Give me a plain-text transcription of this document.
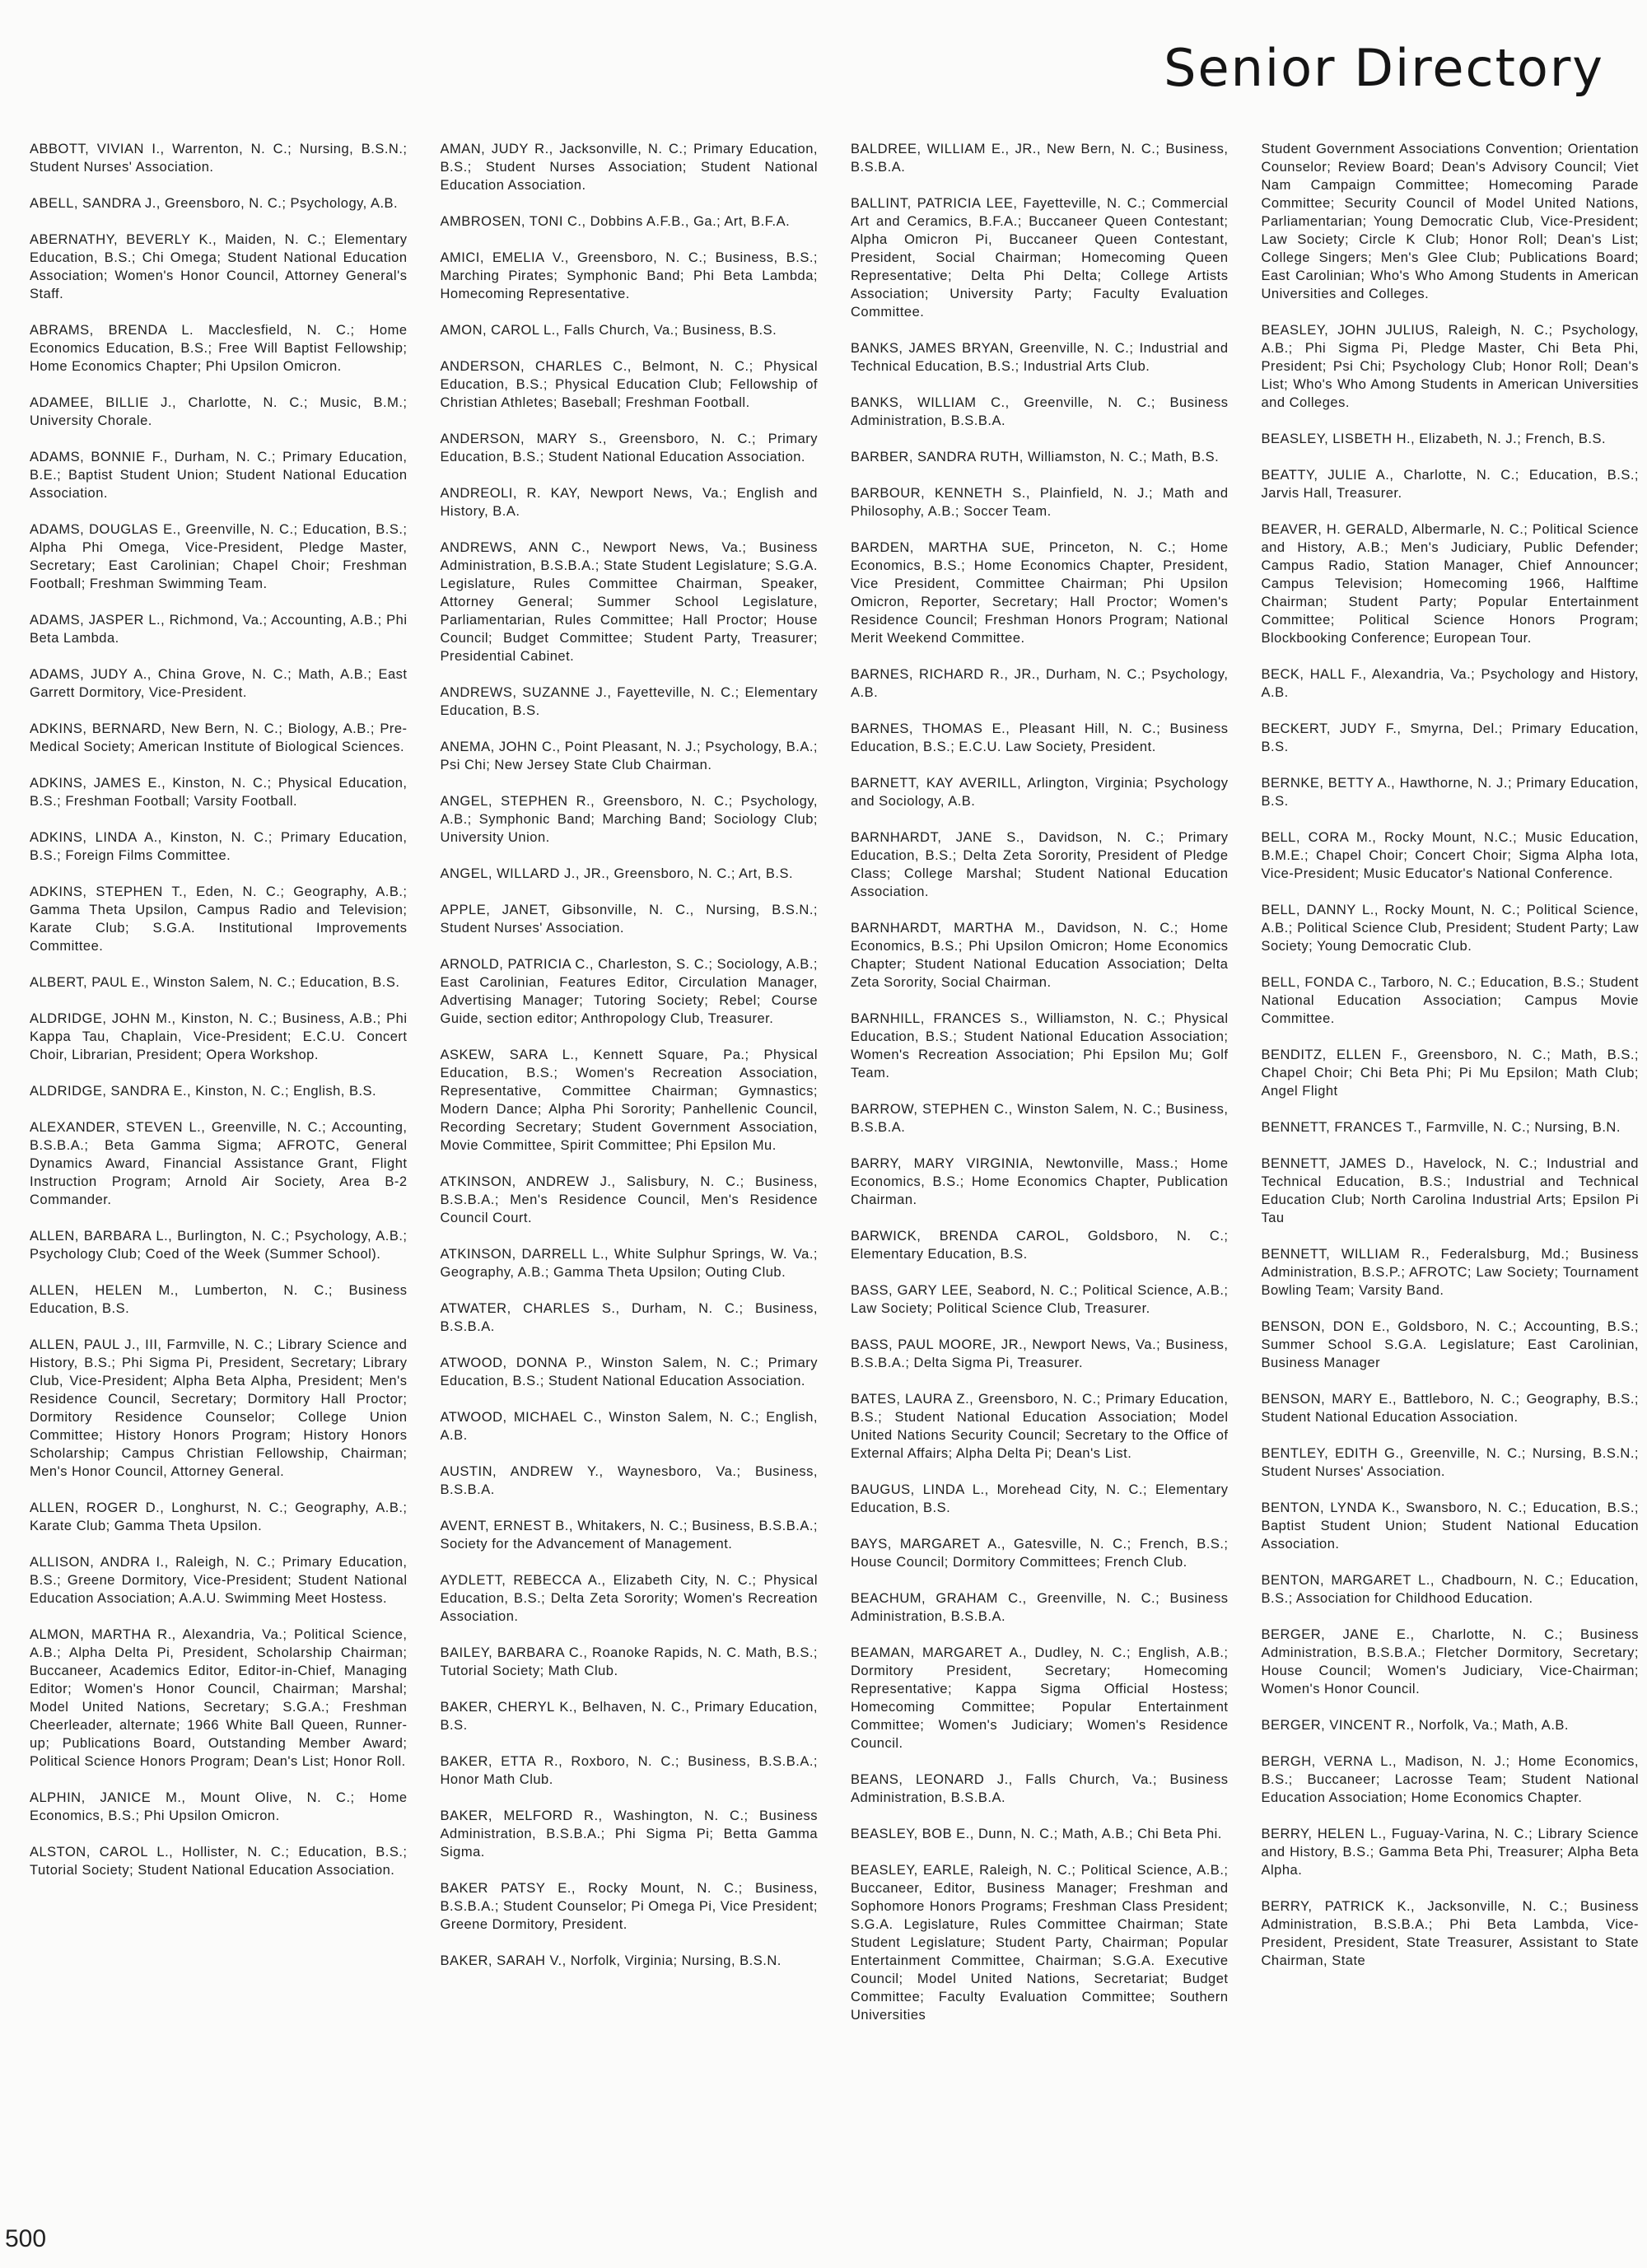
Senior Directory

ABBOTT, VIVIAN I., Warrenton, N. C.; Nursing, B.S.N.; Student Nurses' Association.

ABELL, SANDRA J., Greensboro, N. C.; Psychology, A.B.

ABERNATHY, BEVERLY K., Maiden, N. C.; Elementary Education, B.S.; Chi Omega; Student National Education Association; Women's Honor Council, Attorney General's Staff.

ABRAMS, BRENDA L. Macclesfield, N. C.; Home Economics Education, B.S.; Free Will Baptist Fellowship; Home Economics Chapter; Phi Upsilon Omicron.

ADAMEE, BILLIE J., Charlotte, N. C.; Music, B.M.; University Chorale.

ADAMS, BONNIE F., Durham, N. C.; Primary Education, B.E.; Baptist Student Union; Student National Education Association.

ADAMS, DOUGLAS E., Greenville, N. C.; Education, B.S.; Alpha Phi Omega, Vice-President, Pledge Master, Secretary; East Carolinian; Chapel Choir; Freshman Football; Freshman Swimming Team.

ADAMS, JASPER L., Richmond, Va.; Accounting, A.B.; Phi Beta Lambda.

ADAMS, JUDY A., China Grove, N. C.; Math, A.B.; East Garrett Dormitory, Vice-President.

ADKINS, BERNARD, New Bern, N. C.; Biology, A.B.; Pre-Medical Society; American Institute of Biological Sciences.

ADKINS, JAMES E., Kinston, N. C.; Physical Education, B.S.; Freshman Football; Varsity Football.

ADKINS, LINDA A., Kinston, N. C.; Primary Education, B.S.; Foreign Films Committee.

ADKINS, STEPHEN T., Eden, N. C.; Geography, A.B.; Gamma Theta Upsilon, Campus Radio and Television; Karate Club; S.G.A. Institutional Improvements Committee.

ALBERT, PAUL E., Winston Salem, N. C.; Education, B.S.

ALDRIDGE, JOHN M., Kinston, N. C.; Business, A.B.; Phi Kappa Tau, Chaplain, Vice-President; E.C.U. Concert Choir, Librarian, President; Opera Workshop.

ALDRIDGE, SANDRA E., Kinston, N. C.; English, B.S.

ALEXANDER, STEVEN L., Greenville, N. C.; Accounting, B.S.B.A.; Beta Gamma Sigma; AFROTC, General Dynamics Award, Financial Assistance Grant, Flight Instruction Program; Arnold Air Society, Area B-2 Commander.

ALLEN, BARBARA L., Burlington, N. C.; Psychology, A.B.; Psychology Club; Coed of the Week (Summer School).

ALLEN, HELEN M., Lumberton, N. C.; Business Education, B.S.

ALLEN, PAUL J., III, Farmville, N. C.; Library Science and History, B.S.; Phi Sigma Pi, President, Secretary; Library Club, Vice-President; Alpha Beta Alpha, President; Men's Residence Council, Secretary; Dormitory Hall Proctor; Dormitory Residence Counselor; College Union Committee; History Honors Program; History Honors Scholarship; Campus Christian Fellowship, Chairman; Men's Honor Council, Attorney General.

ALLEN, ROGER D., Longhurst, N. C.; Geography, A.B.; Karate Club; Gamma Theta Upsilon.

ALLISON, ANDRA I., Raleigh, N. C.; Primary Education, B.S.; Greene Dormitory, Vice-President; Student National Education Association; A.A.U. Swimming Meet Hostess.

ALMON, MARTHA R., Alexandria, Va.; Political Science, A.B.; Alpha Delta Pi, President, Scholarship Chairman; Buccaneer, Academics Editor, Editor-in-Chief, Managing Editor; Women's Honor Council, Chairman; Marshal; Model United Nations, Secretary; S.G.A.; Freshman Cheerleader, alternate; 1966 White Ball Queen, Runner-up; Publications Board, Outstanding Member Award; Political Science Honors Program; Dean's List; Honor Roll.

ALPHIN, JANICE M., Mount Olive, N. C.; Home Economics, B.S.; Phi Upsilon Omicron.

ALSTON, CAROL L., Hollister, N. C.; Education, B.S.; Tutorial Society; Student National Education Association.

AMAN, JUDY R., Jacksonville, N. C.; Primary Education, B.S.; Student Nurses Association; Student National Education Association.

AMBROSEN, TONI C., Dobbins A.F.B., Ga.; Art, B.F.A.

AMICI, EMELIA V., Greensboro, N. C.; Business, B.S.; Marching Pirates; Symphonic Band; Phi Beta Lambda; Homecoming Representative.

AMON, CAROL L., Falls Church, Va.; Business, B.S.

ANDERSON, CHARLES C., Belmont, N. C.; Physical Education, B.S.; Physical Education Club; Fellowship of Christian Athletes; Baseball; Freshman Football.

ANDERSON, MARY S., Greensboro, N. C.; Primary Education, B.S.; Student National Education Association.

ANDREOLI, R. KAY, Newport News, Va.; English and History, B.A.

ANDREWS, ANN C., Newport News, Va.; Business Administration, B.S.B.A.; State Student Legislature; S.G.A. Legislature, Rules Committee Chairman, Speaker, Attorney General; Summer School Legislature, Parliamentarian, Rules Committee; Hall Proctor; House Council; Budget Committee; Student Party, Treasurer; Presidential Cabinet.

ANDREWS, SUZANNE J., Fayetteville, N. C.; Elementary Education, B.S.

ANEMA, JOHN C., Point Pleasant, N. J.; Psychology, B.A.; Psi Chi; New Jersey State Club Chairman.

ANGEL, STEPHEN R., Greensboro, N. C.; Psychology, A.B.; Symphonic Band; Marching Band; Sociology Club; University Union.

ANGEL, WILLARD J., JR., Greensboro, N. C.; Art, B.S.

APPLE, JANET, Gibsonville, N. C., Nursing, B.S.N.; Student Nurses' Association.

ARNOLD, PATRICIA C., Charleston, S. C.; Sociology, A.B.; East Carolinian, Features Editor, Circulation Manager, Advertising Manager; Tutoring Society; Rebel; Course Guide, section editor; Anthropology Club, Treasurer.

ASKEW, SARA L., Kennett Square, Pa.; Physical Education, B.S.; Women's Recreation Association, Representative, Committee Chairman; Gymnastics; Modern Dance; Alpha Phi Sorority; Panhellenic Council, Recording Secretary; Student Government Association, Movie Committee, Spirit Committee; Phi Epsilon Mu.

ATKINSON, ANDREW J., Salisbury, N. C.; Business, B.S.B.A.; Men's Residence Council, Men's Residence Council Court.

ATKINSON, DARRELL L., White Sulphur Springs, W. Va.; Geography, A.B.; Gamma Theta Upsilon; Outing Club.

ATWATER, CHARLES S., Durham, N. C.; Business, B.S.B.A.

ATWOOD, DONNA P., Winston Salem, N. C.; Primary Education, B.S.; Student National Education Association.

ATWOOD, MICHAEL C., Winston Salem, N. C.; English, A.B.

AUSTIN, ANDREW Y., Waynesboro, Va.; Business, B.S.B.A.

AVENT, ERNEST B., Whitakers, N. C.; Business, B.S.B.A.; Society for the Advancement of Management.

AYDLETT, REBECCA A., Elizabeth City, N. C.; Physical Education, B.S.; Delta Zeta Sorority; Women's Recreation Association.

BAILEY, BARBARA C., Roanoke Rapids, N. C. Math, B.S.; Tutorial Society; Math Club.

BAKER, CHERYL K., Belhaven, N. C., Primary Education, B.S.

BAKER, ETTA R., Roxboro, N. C.; Business, B.S.B.A.; Honor Math Club.

BAKER, MELFORD R., Washington, N. C.; Business Administration, B.S.B.A.; Phi Sigma Pi; Betta Gamma Sigma.

BAKER PATSY E., Rocky Mount, N. C.; Business, B.S.B.A.; Student Counselor; Pi Omega Pi, Vice President; Greene Dormitory, President.

BAKER, SARAH V., Norfolk, Virginia; Nursing, B.S.N.

BALDREE, WILLIAM E., JR., New Bern, N. C.; Business, B.S.B.A.

BALLINT, PATRICIA LEE, Fayetteville, N. C.; Commercial Art and Ceramics, B.F.A.; Buccaneer Queen Contestant; Alpha Omicron Pi, Buccaneer Queen Contestant, President, Social Chairman; Homecoming Queen Representative; Delta Phi Delta; College Artists Association; University Party; Faculty Evaluation Committee.

BANKS, JAMES BRYAN, Greenville, N. C.; Industrial and Technical Education, B.S.; Industrial Arts Club.

BANKS, WILLIAM C., Greenville, N. C.; Business Administration, B.S.B.A.

BARBER, SANDRA RUTH, Williamston, N. C.; Math, B.S.

BARBOUR, KENNETH S., Plainfield, N. J.; Math and Philosophy, A.B.; Soccer Team.

BARDEN, MARTHA SUE, Princeton, N. C.; Home Economics, B.S.; Home Economics Chapter, President, Vice President, Committee Chairman; Phi Upsilon Omicron, Reporter, Secretary; Hall Proctor; Women's Residence Council; Freshman Honors Program; National Merit Weekend Committee.

BARNES, RICHARD R., JR., Durham, N. C.; Psychology, A.B.

BARNES, THOMAS E., Pleasant Hill, N. C.; Business Education, B.S.; E.C.U. Law Society, President.

BARNETT, KAY AVERILL, Arlington, Virginia; Psychology and Sociology, A.B.

BARNHARDT, JANE S., Davidson, N. C.; Primary Education, B.S.; Delta Zeta Sorority, President of Pledge Class; College Marshal; Student National Education Association.

BARNHARDT, MARTHA M., Davidson, N. C.; Home Economics, B.S.; Phi Upsilon Omicron; Home Economics Chapter; Student National Education Association; Delta Zeta Sorority, Social Chairman.

BARNHILL, FRANCES S., Williamston, N. C.; Physical Education, B.S.; Student National Education Association; Women's Recreation Association; Phi Epsilon Mu; Golf Team.

BARROW, STEPHEN C., Winston Salem, N. C.; Business, B.S.B.A.

BARRY, MARY VIRGINIA, Newtonville, Mass.; Home Economics, B.S.; Home Economics Chapter, Publication Chairman.

BARWICK, BRENDA CAROL, Goldsboro, N. C.; Elementary Education, B.S.

BASS, GARY LEE, Seabord, N. C.; Political Science, A.B.; Law Society; Political Science Club, Treasurer.

BASS, PAUL MOORE, JR., Newport News, Va.; Business, B.S.B.A.; Delta Sigma Pi, Treasurer.

BATES, LAURA Z., Greensboro, N. C.; Primary Education, B.S.; Student National Education Association; Model United Nations Security Council; Secretary to the Office of External Affairs; Alpha Delta Pi; Dean's List.

BAUGUS, LINDA L., Morehead City, N. C.; Elementary Education, B.S.

BAYS, MARGARET A., Gatesville, N. C.; French, B.S.; House Council; Dormitory Committees; French Club.

BEACHUM, GRAHAM C., Greenville, N. C.; Business Administration, B.S.B.A.

BEAMAN, MARGARET A., Dudley, N. C.; English, A.B.; Dormitory President, Secretary; Homecoming Representative; Kappa Sigma Official Hostess; Homecoming Committee; Popular Entertainment Committee; Women's Judiciary; Women's Residence Council.

BEANS, LEONARD J., Falls Church, Va.; Business Administration, B.S.B.A.

BEASLEY, BOB E., Dunn, N. C.; Math, A.B.; Chi Beta Phi.

BEASLEY, EARLE, Raleigh, N. C.; Political Science, A.B.; Buccaneer, Editor, Business Manager; Freshman and Sophomore Honors Programs; Freshman Class President; S.G.A. Legislature, Rules Committee Chairman; State Student Legislature; Student Party, Chairman; Popular Entertainment Committee, Chairman; S.G.A. Executive Council; Model United Nations, Secretariat; Budget Committee; Faculty Evaluation Committee; Southern Universities

Student Government Associations Convention; Orientation Counselor; Review Board; Dean's Advisory Council; Viet Nam Campaign Committee; Homecoming Parade Committee; Security Council of Model United Nations, Parliamentarian; Young Democratic Club, Vice-President; Law Society; Circle K Club; Honor Roll; Dean's List; College Singers; Men's Glee Club; Publications Board; East Carolinian; Who's Who Among Students in American Universities and Colleges.

BEASLEY, JOHN JULIUS, Raleigh, N. C.; Psychology, A.B.; Phi Sigma Pi, Pledge Master, Chi Beta Phi, President; Psi Chi; Psychology Club; Honor Roll; Dean's List; Who's Who Among Students in American Universities and Colleges.

BEASLEY, LISBETH H., Elizabeth, N. J.; French, B.S.

BEATTY, JULIE A., Charlotte, N. C.; Education, B.S.; Jarvis Hall, Treasurer.

BEAVER, H. GERALD, Albermarle, N. C.; Political Science and History, A.B.; Men's Judiciary, Public Defender; Campus Radio, Station Manager, Chief Announcer; Campus Television; Homecoming 1966, Halftime Chairman; Student Party; Popular Entertainment Committee; Political Science Honors Program; Blockbooking Conference; European Tour.

BECK, HALL F., Alexandria, Va.; Psychology and History, A.B.

BECKERT, JUDY F., Smyrna, Del.; Primary Education, B.S.

BERNKE, BETTY A., Hawthorne, N. J.; Primary Education, B.S.

BELL, CORA M., Rocky Mount, N.C.; Music Education, B.M.E.; Chapel Choir; Concert Choir; Sigma Alpha Iota, Vice-President; Music Educator's National Conference.

BELL, DANNY L., Rocky Mount, N. C.; Political Science, A.B.; Political Science Club, President; Student Party; Law Society; Young Democratic Club.

BELL, FONDA C., Tarboro, N. C.; Education, B.S.; Student National Education Association; Campus Movie Committee.

BENDITZ, ELLEN F., Greensboro, N. C.; Math, B.S.; Chapel Choir; Chi Beta Phi; Pi Mu Epsilon; Math Club; Angel Flight

BENNETT, FRANCES T., Farmville, N. C.; Nursing, B.N.

BENNETT, JAMES D., Havelock, N. C.; Industrial and Technical Education, B.S.; Industrial and Technical Education Club; North Carolina Industrial Arts; Epsilon Pi Tau

BENNETT, WILLIAM R., Federalsburg, Md.; Business Administration, B.S.P.; AFROTC; Law Society; Tournament Bowling Team; Varsity Band.

BENSON, DON E., Goldsboro, N. C.; Accounting, B.S.; Summer School S.G.A. Legislature; East Carolinian, Business Manager

BENSON, MARY E., Battleboro, N. C.; Geography, B.S.; Student National Education Association.

BENTLEY, EDITH G., Greenville, N. C.; Nursing, B.S.N.; Student Nurses' Association.

BENTON, LYNDA K., Swansboro, N. C.; Education, B.S.; Baptist Student Union; Student National Education Association.

BENTON, MARGARET L., Chadbourn, N. C.; Education, B.S.; Association for Childhood Education.

BERGER, JANE E., Charlotte, N. C.; Business Administration, B.S.B.A.; Fletcher Dormitory, Secretary; House Council; Women's Judiciary, Vice-Chairman; Women's Honor Council.

BERGER, VINCENT R., Norfolk, Va.; Math, A.B.

BERGH, VERNA L., Madison, N. J.; Home Economics, B.S.; Buccaneer; Lacrosse Team; Student National Education Association; Home Economics Chapter.

BERRY, HELEN L., Fuguay-Varina, N. C.; Library Science and History, B.S.; Gamma Beta Phi, Treasurer; Alpha Beta Alpha.

BERRY, PATRICK K., Jacksonville, N. C.; Business Administration, B.S.B.A.; Phi Beta Lambda, Vice-President, President, State Treasurer, Assistant to State Chairman, State

500
